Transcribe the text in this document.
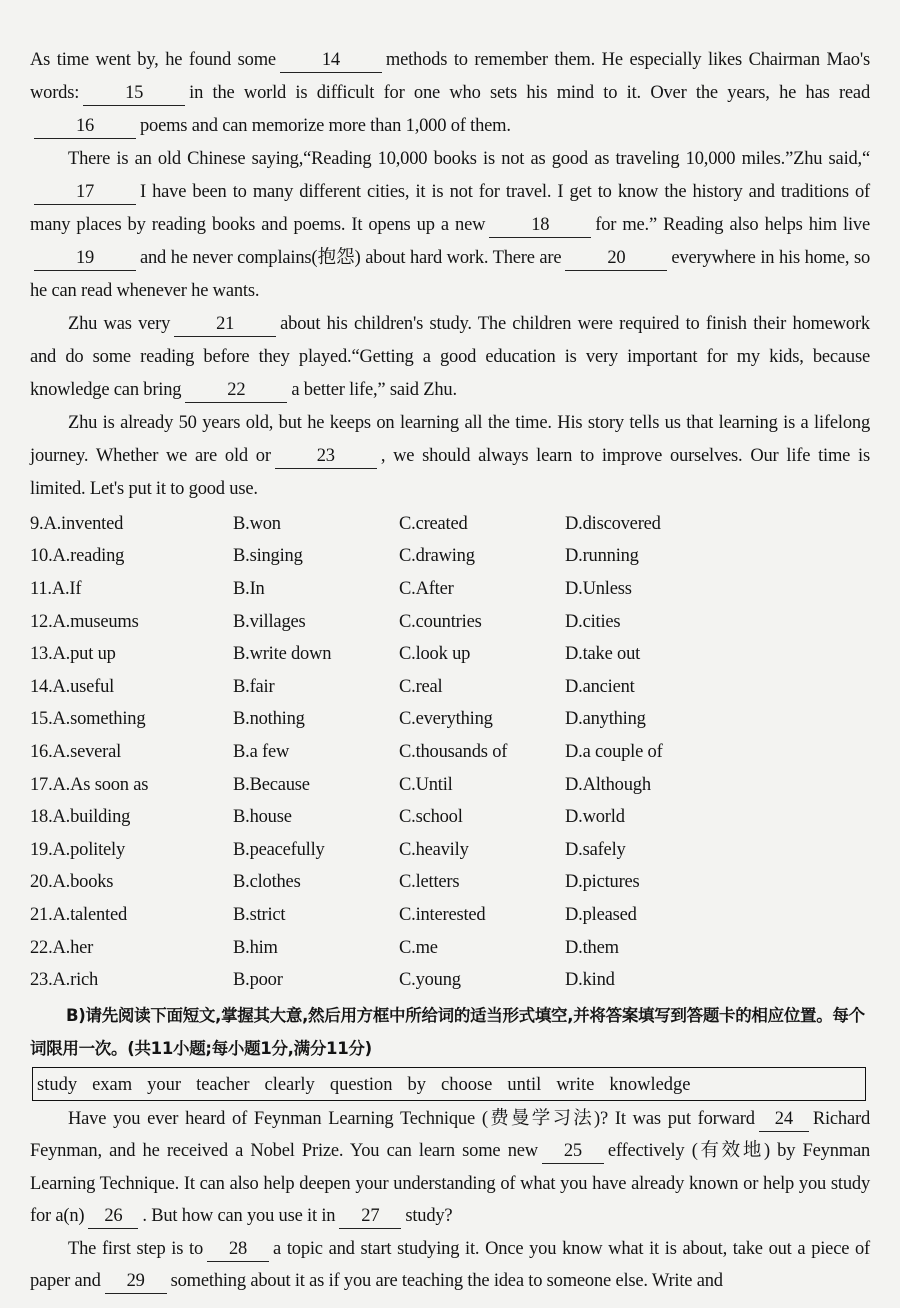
As time went by, he found some 14 methods to remember them. He especially likes Chairman Mao's words: 15 in the world is difficult for one who sets his mind to it. Over the years, he has read16 poems and can memorize more than 1,000 of them.

There is an old Chinese saying,“Reading 10,000 books is not as good as traveling 10,000 miles.”Zhu said,“17 I have been to many different cities, it is not for travel. I get to know the history and traditions of many places by reading books and poems. It opens up a new 18 for me.” Reading also helps him live19 and he never complains(抱怨) about hard work. There are 20 everywhere in his home, so he can read whenever he wants.

Zhu was very 21 about his children's study. The children were required to finish their homework and do some reading before they played.“Getting a good education is very important for my kids, because knowledge can bring 22 a better life,” said Zhu.

Zhu is already 50 years old, but he keeps on learning all the time. His story tells us that learning is a lifelong journey. Whether we are old or 23 , we should always learn to improve ourselves. Our life time is limited. Let's put it to good use.

9.A.invented	B.won	C.created	D.discovered
10.A.reading	B.singing	C.drawing	D.running
11.A.If	B.In	C.After	D.Unless
12.A.museums	B.villages	C.countries	D.cities
13.A.put up	B.write down	C.look up	D.take out
14.A.useful	B.fair	C.real	D.ancient
15.A.something	B.nothing	C.everything	D.anything
16.A.several	B.a few	C.thousands of	D.a couple of
17.A.As soon as	B.Because	C.Until	D.Although
18.A.building	B.house	C.school	D.world
19.A.politely	B.peacefully	C.heavily	D.safely
20.A.books	B.clothes	C.letters	D.pictures
21.A.talented	B.strict	C.interested	D.pleased
22.A.her	B.him	C.me	D.them
23.A.rich	B.poor	C.young	D.kind
B)请先阅读下面短文,掌握其大意,然后用方框中所给词的适当形式填空,并将答案填写到答题卡的相应位置。每个词限用一次。(共11小题;每小题1分,满分11分)
study exam your teacher clearly question by choose until write knowledge

Have you ever heard of Feynman Learning Technique (费曼学习法)? It was put forward 24 Richard Feynman, and he received a Nobel Prize. You can learn some new 25 effectively (有效地) by Feynman Learning Technique. It can also help deepen your understanding of what you have already known or help you study for a(n) 26 . But how can you use it in 27 study?

The first step is to 28 a topic and start studying it. Once you know what it is about, take out a piece of paper and 29 something about it as if you are teaching the idea to someone else. Write and
